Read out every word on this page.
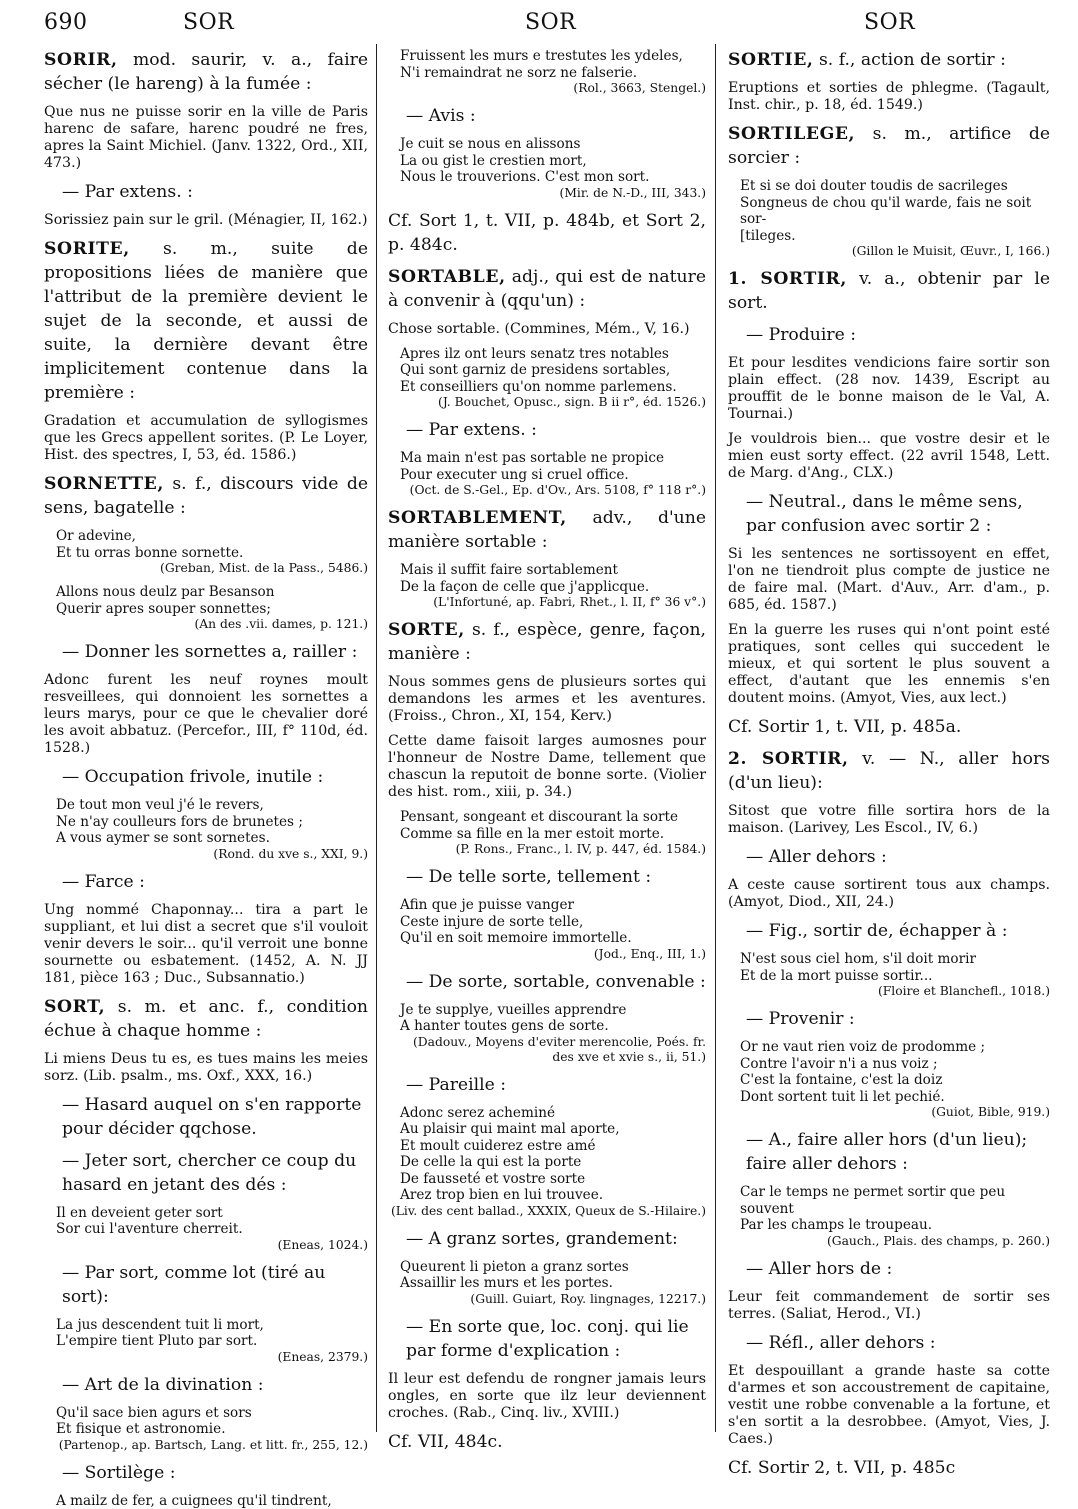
690	SOR	SOR	SOR
SORIR, mod. saurir, v. a., faire sécher (le hareng) à la fumée :
Que nus ne puisse sorir en la ville de Paris harenc de safare, harenc poudré ne fres, apres la Saint Michiel. (Janv. 1322, Ord., XII, 473.)
— Par extens. :
Sorissiez pain sur le gril. (Ménagier, II, 162.)
SORITE, s. m., suite de propositions liées de manière que l'attribut de la première devient le sujet de la seconde, et aussi de suite, la dernière devant être implicitement contenue dans la première :
Gradation et accumulation de syllogismes que les Grecs appellent sorites. (P. Le Loyer, Hist. des spectres, I, 53, éd. 1586.)
SORNETTE, s. f., discours vide de sens, bagatelle :
Or adevine,
Et tu orras bonne sornette.
(Greban, Mist. de la Pass., 5486.)
Allons nous deulz par Besanson
Querir apres souper sonnettes;
(An des .vii. dames, p. 121.)
— Donner les sornettes a, railler :
Adonc furent les neuf roynes moult resveillees, qui donnoient les sornettes a leurs marys, pour ce que le chevalier doré les avoit abbatuz. (Percefor., III, f° 110d, éd. 1528.)
— Occupation frivole, inutile :
De tout mon veul j'é le revers,
Ne n'ay coulleurs fors de brunetes ;
A vous aymer se sont sornetes.
(Rond. du xve s., XXI, 9.)
— Farce :
Ung nommé Chaponnay... tira a part le suppliant, et lui dist a secret que s'il vouloit venir devers le soir... qu'il verroit une bonne sournette ou esbatement. (1452, A. N. JJ 181, pièce 163 ; Duc., Subsannatio.)
SORT, s. m. et anc. f., condition échue à chaque homme :
Li miens Deus tu es, es tues mains les meies sorz. (Lib. psalm., ms. Oxf., XXX, 16.)
— Hasard auquel on s'en rapporte pour décider qqchose.
— Jeter sort, chercher ce coup du hasard en jetant des dés :
Il en deveient geter sort
Sor cui l'aventure cherreit.
(Eneas, 1024.)
— Par sort, comme lot (tiré au sort):
La jus descendent tuit li mort,
L'empire tient Pluto par sort.
(Eneas, 2379.)
— Art de la divination :
Qu'il sace bien agurs et sors
Et fisique et astronomie.
(Partenop., ap. Bartsch, Lang. et litt. fr., 255, 12.)
— Sortilège :
A mailz de fer, a cuignees qu'il tindrent,
Fruissent les murs e trestutes les ydeles,
N'i remaindrat ne sorz ne falserie.
(Rol., 3663, Stengel.)
— Avis :
Je cuit se nous en alissons
La ou gist le crestien mort,
Nous le trouverions. C'est mon sort.
(Mir. de N.-D., III, 343.)
Cf. Sort 1, t. VII, p. 484b, et Sort 2, p. 484c.
SORTABLE, adj., qui est de nature à convenir à (qqu'un) :
Chose sortable. (Commines, Mém., V, 16.)
Apres ilz ont leurs senatz tres notables
Qui sont garniz de presidens sortables,
Et conseilliers qu'on nomme parlemens.
(J. Bouchet, Opusc., sign. B ii r°, éd. 1526.)
— Par extens. :
Ma main n'est pas sortable ne propice
Pour executer ung si cruel office.
(Oct. de S.-Gel., Ep. d'Ov., Ars. 5108, f° 118 r°.)
SORTABLEMENT, adv., d'une manière sortable :
Mais il suffit faire sortablement
De la façon de celle que j'applicque.
(L'Infortuné, ap. Fabri, Rhet., l. II, f° 36 v°.)
SORTE, s. f., espèce, genre, façon, manière :
Nous sommes gens de plusieurs sortes qui demandons les armes et les aventures. (Froiss., Chron., XI, 154, Kerv.)
Cette dame faisoit larges aumosnes pour l'honneur de Nostre Dame, tellement que chascun la reputoit de bonne sorte. (Violier des hist. rom., xiii, p. 34.)
Pensant, songeant et discourant la sorte
Comme sa fille en la mer estoit morte.
(P. Rons., Franc., l. IV, p. 447, éd. 1584.)
— De telle sorte, tellement :
Afin que je puisse vanger
Ceste injure de sorte telle,
Qu'il en soit memoire immortelle.
(Jod., Enq., III, 1.)
— De sorte, sortable, convenable :
Je te supplye, vueilles apprendre
A hanter toutes gens de sorte.
(Dadouv., Moyens d'eviter merencolie, Poés. fr. des xve et xvie s., ii, 51.)
— Pareille :
Adonc serez acheminé
Au plaisir qui maint mal aporte,
Et moult cuiderez estre amé
De celle la qui est la porte
De fausseté et vostre sorte
Arez trop bien en lui trouvee.
(Liv. des cent ballad., XXXIX, Queux de S.-Hilaire.)
— A granz sortes, grandement:
Queurent li pieton a granz sortes
Assaillir les murs et les portes.
(Guill. Guiart, Roy. lingnages, 12217.)
— En sorte que, loc. conj. qui lie par forme d'explication :
Il leur est defendu de rongner jamais leurs ongles, en sorte que ilz leur deviennent croches. (Rab., Cinq. liv., XVIII.)
Cf. VII, 484c.
SORTIE, s. f., action de sortir :
Eruptions et sorties de phlegme. (Tagault, Inst. chir., p. 18, éd. 1549.)
SORTILEGE, s. m., artifice de sorcier :
Et si se doi douter toudis de sacrileges
Songneus de chou qu'il warde, fais ne soit sor-
[tileges.
(Gillon le Muisit, Œuvr., I, 166.)
1. SORTIR, v. a., obtenir par le sort.
— Produire :
Et pour lesdites vendicions faire sortir son plain effect. (28 nov. 1439, Escript au prouffit de le bonne maison de le Val, A. Tournai.)
Je vouldrois bien... que vostre desir et le mien eust sorty effect. (22 avril 1548, Lett. de Marg. d'Ang., CLX.)
— Neutral., dans le même sens, par confusion avec sortir 2 :
Si les sentences ne sortissoyent en effet, l'on ne tiendroit plus compte de justice ne de faire mal. (Mart. d'Auv., Arr. d'am., p. 685, éd. 1587.)
En la guerre les ruses qui n'ont point esté pratiques, sont celles qui succedent le mieux, et qui sortent le plus souvent a effect, d'autant que les ennemis s'en doutent moins. (Amyot, Vies, aux lect.)
Cf. Sortir 1, t. VII, p. 485a.
2. SORTIR, v. — N., aller hors (d'un lieu):
Sitost que votre fille sortira hors de la maison. (Larivey, Les Escol., IV, 6.)
— Aller dehors :
A ceste cause sortirent tous aux champs. (Amyot, Diod., XII, 24.)
— Fig., sortir de, échapper à :
N'est sous ciel hom, s'il doit morir
Et de la mort puisse sortir...
(Floire et Blanchefl., 1018.)
— Provenir :
Or ne vaut rien voiz de prodomme ;
Contre l'avoir n'i a nus voiz ;
C'est la fontaine, c'est la doiz
Dont sortent tuit li let pechié.
(Guiot, Bible, 919.)
— A., faire aller hors (d'un lieu); faire aller dehors :
Car le temps ne permet sortir que peu souvent
Par les champs le troupeau.
(Gauch., Plais. des champs, p. 260.)
— Aller hors de :
Leur feit commandement de sortir ses terres. (Saliat, Herod., VI.)
— Réfl., aller dehors :
Et despouillant a grande haste sa cotte d'armes et son accoustrement de capitaine, vestit une robbe convenable a la fortune, et s'en sortit a la desrobbee. (Amyot, Vies, J. Caes.)
Cf. Sortir 2, t. VII, p. 485c
